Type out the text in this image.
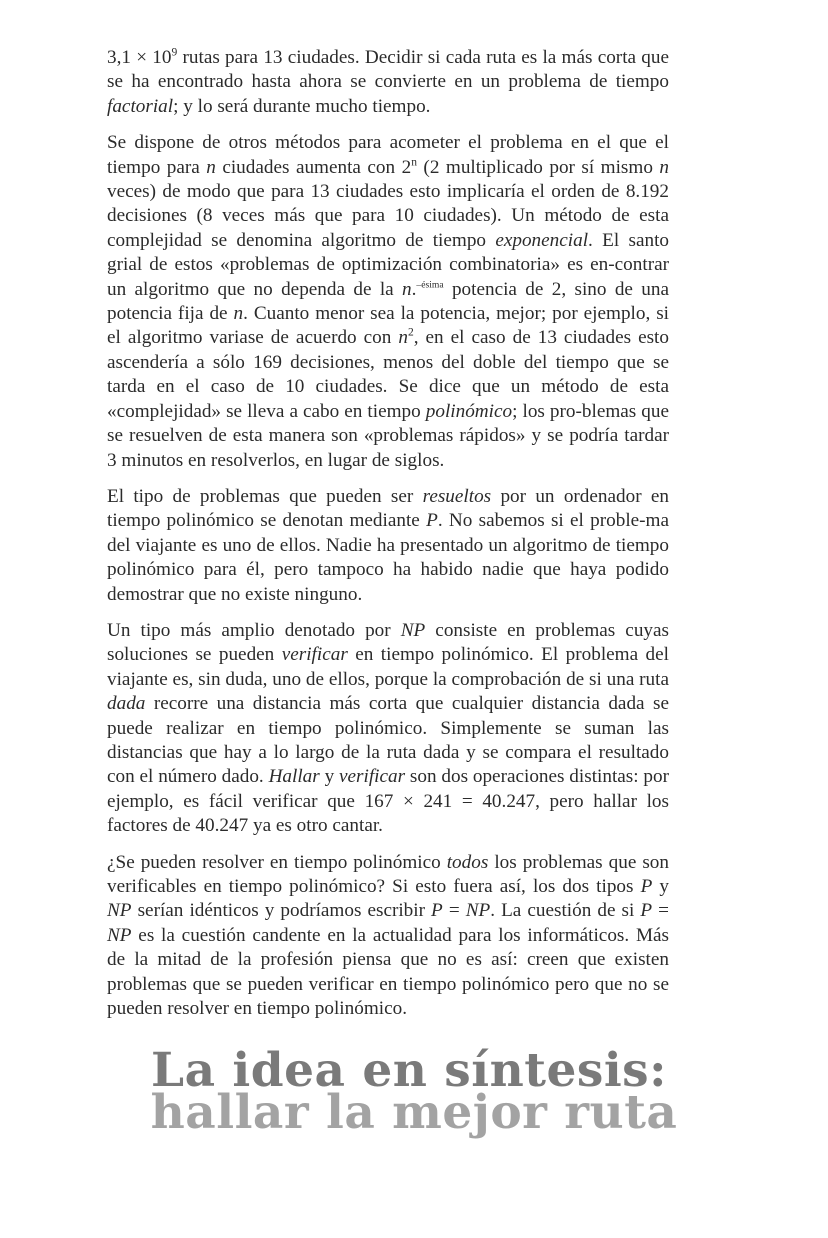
$3,1 \times 10^9$ rutas para 13 ciudades. Decidir si cada ruta es la más corta que se ha encontrado hasta ahora se convierte en un problema de tiempo factorial; y lo será durante mucho tiempo.

Se dispone de otros métodos para acometer el problema en el que el tiempo para n ciudades aumenta con 2$^n$ (2 multiplicado por sí mismo n veces) de modo que para 13 ciudades esto implicaría el orden de 8.192 decisiones (8 veces más que para 10 ciudades). Un método de esta complejidad se denomina algoritmo de tiempo exponencial. El santo grial de estos «problemas de optimización combinatoria» es en-contrar un algoritmo que no dependa de la n.$^{-ésima}$ potencia de 2, sino de una potencia fija de n. Cuanto menor sea la potencia, mejor; por ejemplo, si el algoritmo variase de acuerdo con $n^2$, en el caso de 13 ciudades esto ascendería a sólo 169 decisiones, menos del doble del tiempo que se tarda en el caso de 10 ciudades. Se dice que un método de esta «complejidad» se lleva a cabo en tiempo polinómico; los pro-blemas que se resuelven de esta manera son «problemas rápidos» y se podría tardar 3 minutos en resolverlos, en lugar de siglos.

El tipo de problemas que pueden ser resueltos por un ordenador en tiempo polinómico se denotan mediante P. No sabemos si el proble-ma del viajante es uno de ellos. Nadie ha presentado un algoritmo de tiempo polinómico para él, pero tampoco ha habido nadie que haya podido demostrar que no existe ninguno.

Un tipo más amplio denotado por NP consiste en problemas cuyas soluciones se pueden verificar en tiempo polinómico. El problema del viajante es, sin duda, uno de ellos, porque la comprobación de si una ruta dada recorre una distancia más corta que cualquier distancia dada se puede realizar en tiempo polinómico. Simplemente se suman las distancias que hay a lo largo de la ruta dada y se compara el resultado con el número dado. Hallar y verificar son dos operaciones distintas: por ejemplo, es fácil verificar que 167 × 241 = 40.247, pero hallar los factores de 40.247 ya es otro cantar.

¿Se pueden resolver en tiempo polinómico todos los problemas que son verificables en tiempo polinómico? Si esto fuera así, los dos tipos P y NP serían idénticos y podríamos escribir P = NP. La cuestión de si P = NP es la cuestión candente en la actualidad para los informáticos. Más de la mitad de la profesión piensa que no es así: creen que existen problemas que se pueden verificar en tiempo polinómico pero que no se pueden resolver en tiempo polinómico.

La idea en síntesis:
hallar la mejor ruta
